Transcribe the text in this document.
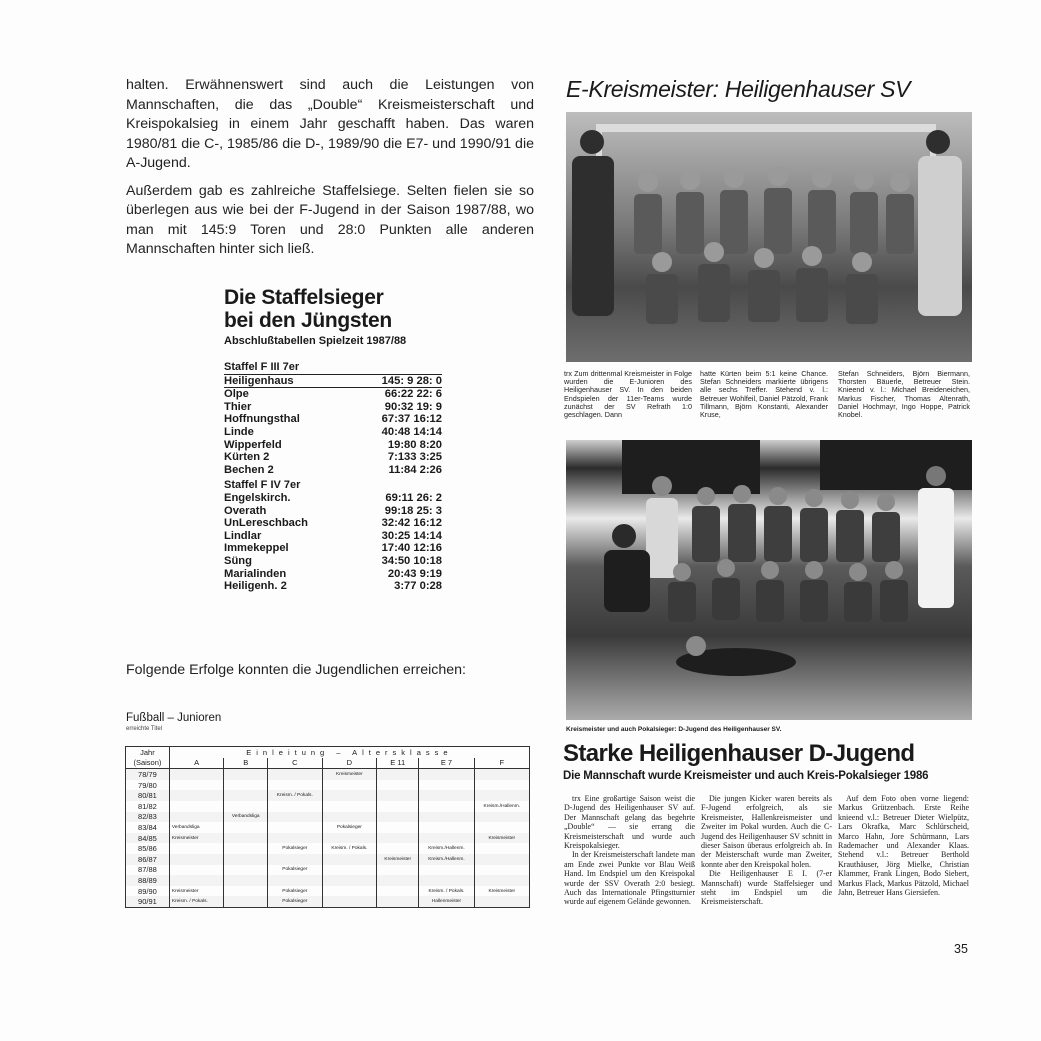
halten. Erwähnenswert sind auch die Leistungen von Mannschaften, die das „Double“ Kreismeisterschaft und Kreispokalsieg in einem Jahr geschafft haben. Das waren 1980/81 die C-, 1985/86 die D-, 1989/90 die E7- und 1990/91 die A-Jugend.

Außerdem gab es zahlreiche Staffelsiege. Selten fielen sie so überlegen aus wie bei der F-Jugend in der Saison 1987/88, wo man mit 145:9 Toren und 28:0 Punkten alle anderen Mannschaften hinter sich ließ.

Die Staffelsieger
bei den Jüngsten
Abschlußtabellen Spielzeit 1987/88
Staffel F III 7er
Heiligenhaus	145: 9 28: 0
Olpe	66:22 22: 6
Thier	90:32 19: 9
Hoffnungsthal	67:37 16:12
Linde	40:48 14:14
Wipperfeld	19:80 8:20
Kürten 2	7:133 3:25
Bechen 2	11:84 2:26
Staffel F IV 7er
Engelskirch.	69:11 26: 2
Overath	99:18 25: 3
UnLereschbach	32:42 16:12
Lindlar	30:25 14:14
Immekeppel	17:40 12:16
Süng	34:50 10:18
Marialinden	20:43 9:19
Heiligenh. 2	3:77 0:28
Folgende Erfolge konnten die Jugendlichen erreichen:
Fußball – Junioren
erreichte Titel
Jahr	Einleitung – Altersklasse						
(Saison)	A	B	C	D	E 11	E 7	F
78/79				Kreismeister			
79/80							
80/81			Kreism. / Pokals.				
81/82							Kreism./Hallenm.
82/83		Verbandsliga					
83/84	Verbandsliga			Pokalsieger			
84/85	Kreismeister						Kreismeister
85/86			Pokalsieger	Kreism. / Pokals.		Kreism./Hallenm.	
86/87					Kreismeister	Kreism./Hallenm.	
87/88			Pokalsieger				
88/89							
89/90	Kreismeister		Pokalsieger			Kreism. / Pokals.	Kreismeister
90/91	Kreism. / Pokals.		Pokalsieger			Hallenmeister	
E-Kreismeister: Heiligenhauser SV
trx Zum drittenmal Kreismeister in Folge wurden die E-Junioren des Heiligenhauser SV. In den beiden Endspielen der 11er-Teams wurde zunächst der SV Refrath 1:0 geschlagen. Dann
hatte Kürten beim 5:1 keine Chance. Stefan Schneiders markierte übrigens alle sechs Treffer. Stehend v. l.: Betreuer Wohlfeil, Daniel Pätzold, Frank Tillmann, Björn Konstanti, Alexander Kruse,
Stefan Schneiders, Björn Biermann, Thorsten Bäuerle, Betreuer Stein. Knieend v. l.: Michael Breideneichen, Markus Fischer, Thomas Altenrath, Daniel Hochmayr, Ingo Hoppe, Patrick Knobel.
Kreismeister und auch Pokalsieger: D-Jugend des Heiligenhauser SV.
Starke Heiligenhauser D-Jugend
Die Mannschaft wurde Kreismeister und auch Kreis-Pokalsieger 1986

trx Eine großartige Saison weist die D-Jugend des Heiligenhauser SV auf. Der Mannschaft gelang das begehrte „Double“ — sie errang die Kreismeisterschaft und wurde auch Kreispokalsieger.

In der Kreismeisterschaft landete man am Ende zwei Punkte vor Blau Weiß Hand. Im Endspiel um den Kreispokal wurde der SSV Overath 2:0 besiegt. Auch das Internationale Pfingstturnier wurde auf eigenem Gelände gewonnen.

Die jungen Kicker waren bereits als F-Jugend erfolgreich, als sie Kreismeister, Hallenkreismeister und Zweiter im Pokal wurden. Auch die C-Jugend des Heiligenhauser SV schnitt in dieser Saison überaus erfolgreich ab. In der Meisterschaft wurde man Zweiter, konnte aber den Kreispokal holen.

Die Heiligenhauser E I. (7-er Mannschaft) wurde Staffelsieger und steht im Endspiel um die Kreismeisterschaft.

Auf dem Foto oben vorne liegend: Markus Grützenbach. Erste Reihe knieend v.l.: Betreuer Dieter Wielpütz, Lars Okrafka, Marc Schlürscheid, Marco Hahn, Jore Schürmann, Lars Rademacher und Alexander Klaas. Stehend v.l.: Betreuer Berthold Krauthäuser, Jörg Mielke, Christian Klammer, Frank Lingen, Bodo Siebert, Markus Flack, Markus Pätzold, Michael Jahn, Betreuer Hans Giersiefen.

35
